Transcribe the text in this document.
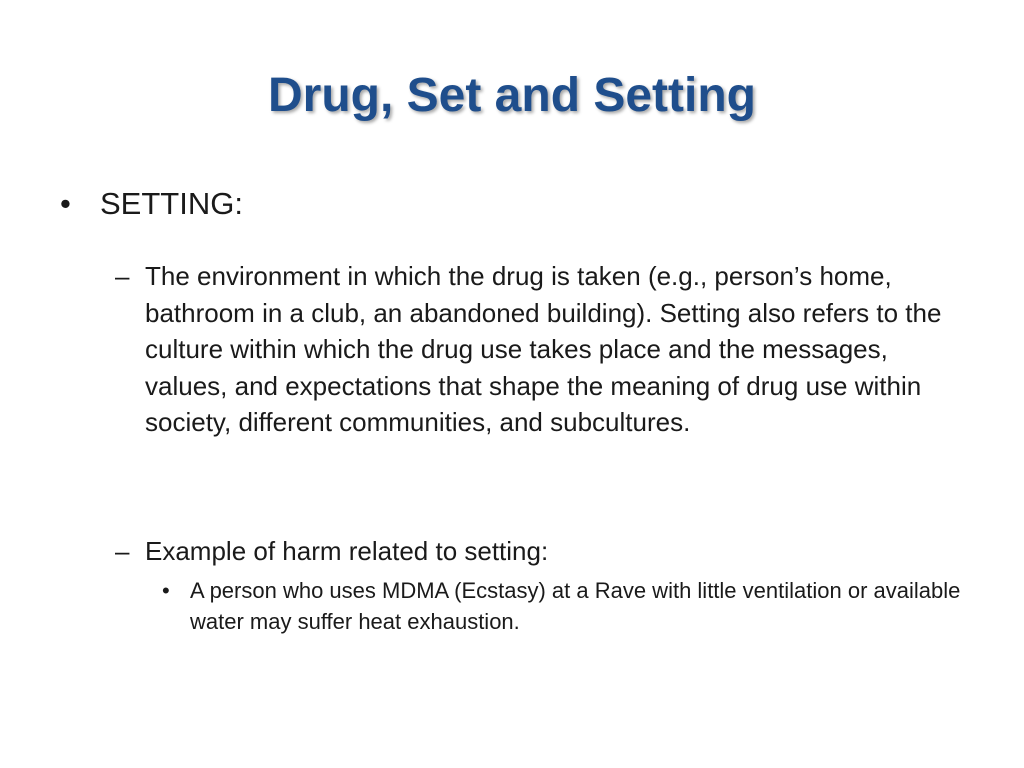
Drug, Set and Setting
• SETTING:
– The environment in which the drug is taken (e.g., person’s home, bathroom in a club, an abandoned building). Setting also refers to the culture within which the drug use takes place and the messages, values, and expectations that shape the meaning of drug use within society, different communities, and subcultures.
– Example of harm related to setting:
• A person who uses MDMA (Ecstasy) at a Rave with little ventilation or available water may suffer heat exhaustion.
